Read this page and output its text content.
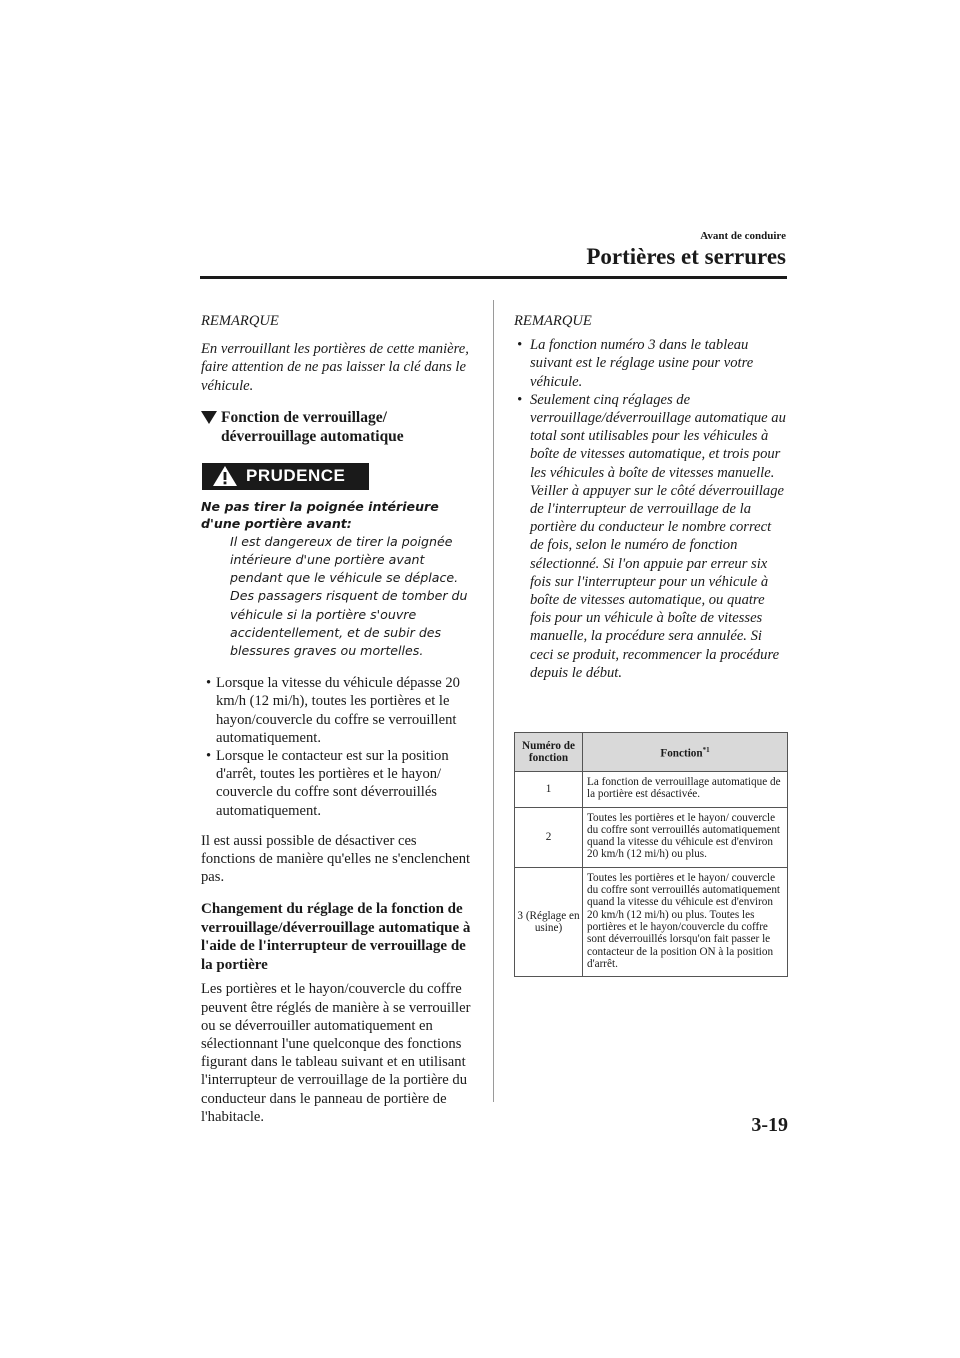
Avant de conduire
Portières et serrures
REMARQUE
En verrouillant les portières de cette manière, faire attention de ne pas laisser la clé dans le véhicule.
Fonction de verrouillage/ déverrouillage automatique
PRUDENCE
Ne pas tirer la poignée intérieure d'une portière avant:
Il est dangereux de tirer la poignée intérieure d'une portière avant pendant que le véhicule se déplace. Des passagers risquent de tomber du véhicule si la portière s'ouvre accidentellement, et de subir des blessures graves ou mortelles.
• Lorsque la vitesse du véhicule dépasse 20 km/h (12 mi/h), toutes les portières et le hayon/couvercle du coffre se verrouillent automatiquement.
• Lorsque le contacteur est sur la position d'arrêt, toutes les portières et le hayon/ couvercle du coffre sont déverrouillés automatiquement.
Il est aussi possible de désactiver ces fonctions de manière qu'elles ne s'enclenchent pas.
Changement du réglage de la fonction de verrouillage/déverrouillage automatique à l'aide de l'interrupteur de verrouillage de la portière
Les portières et le hayon/couvercle du coffre peuvent être réglés de manière à se verrouiller ou se déverrouiller automatiquement en sélectionnant l'une quelconque des fonctions figurant dans le tableau suivant et en utilisant l'interrupteur de verrouillage de la portière du conducteur dans le panneau de portière de l'habitacle.
REMARQUE
• La fonction numéro 3 dans le tableau suivant est le réglage usine pour votre véhicule.
• Seulement cinq réglages de verrouillage/déverrouillage automatique au total sont utilisables pour les véhicules à boîte de vitesses automatique, et trois pour les véhicules à boîte de vitesses manuelle. Veiller à appuyer sur le côté déverrouillage de l'interrupteur de verrouillage de la portière du conducteur le nombre correct de fois, selon le numéro de fonction sélectionné. Si l'on appuie par erreur six fois sur l'interrupteur pour un véhicule à boîte de vitesses automatique, ou quatre fois pour un véhicule à boîte de vitesses manuelle, la procédure sera annulée. Si ceci se produit, recommencer la procédure depuis le début.
Numéro de fonction	Fonction$^{*1}$
1	La fonction de verrouillage automatique de la portière est désactivée.
2	Toutes les portières et le hayon/ couvercle du coffre sont verrouillés automatiquement quand la vitesse du véhicule est d'environ 20 km/h (12 mi/h) ou plus.
3 (Réglage en usine)	Toutes les portières et le hayon/ couvercle du coffre sont verrouillés automatiquement quand la vitesse du véhicule est d'environ 20 km/h (12 mi/h) ou plus. Toutes les portières et le hayon/couvercle du coffre sont déverrouillés lorsqu'on fait passer le contacteur de la position ON à la position d'arrêt.
3-19
